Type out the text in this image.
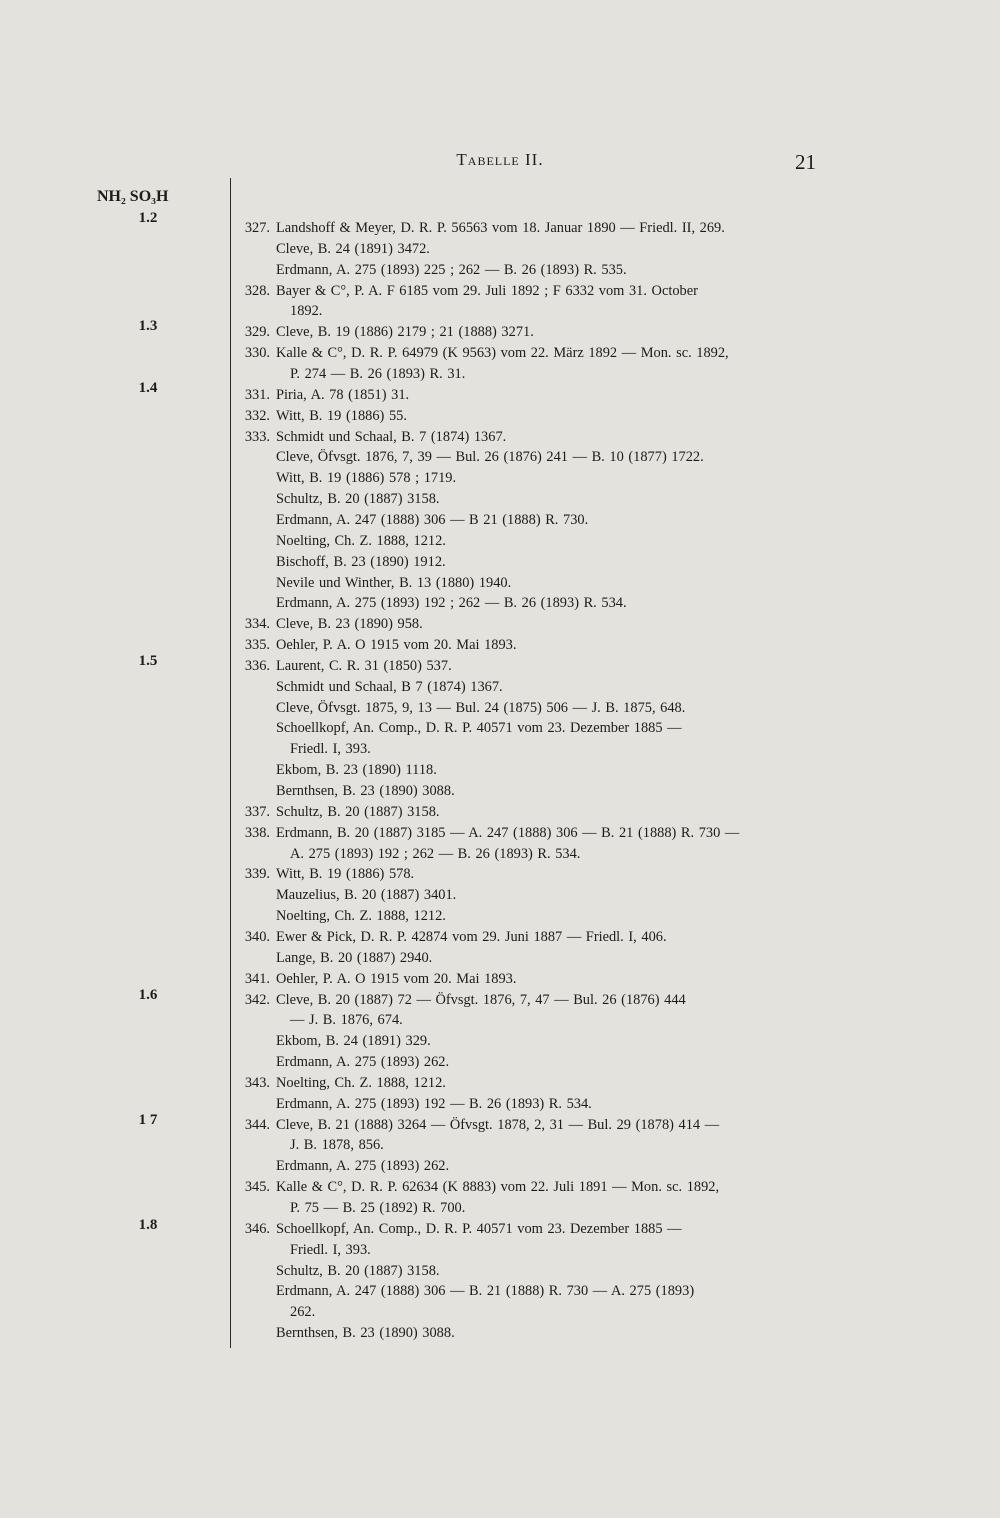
Tabelle II.	21
NH₂ SO₃H
1.2
1.3
1.4
1.5
1.6
1 7
1.8
327. Landshoff & Meyer, D. R. P. 56563 vom 18. Januar 1890 — Friedl. II, 269.
Cleve, B. 24 (1891) 3472.
Erdmann, A. 275 (1893) 225 ; 262 — B. 26 (1893) R. 535.
328. Bayer & C°, P. A. F 6185 vom 29. Juli 1892 ; F 6332 vom 31. October
1892.
329. Cleve, B. 19 (1886) 2179 ; 21 (1888) 3271.
330. Kalle & C°, D. R. P. 64979 (K 9563) vom 22. März 1892 — Mon. sc. 1892,
P. 274 — B. 26 (1893) R. 31.
331. Piria, A. 78 (1851) 31.
332. Witt, B. 19 (1886) 55.
333. Schmidt und Schaal, B. 7 (1874) 1367.
Cleve, Öfvsgt. 1876, 7, 39 — Bul. 26 (1876) 241 — B. 10 (1877) 1722.
Witt, B. 19 (1886) 578 ; 1719.
Schultz, B. 20 (1887) 3158.
Erdmann, A. 247 (1888) 306 — B 21 (1888) R. 730.
Noelting, Ch. Z. 1888, 1212.
Bischoff, B. 23 (1890) 1912.
Nevile und Winther, B. 13 (1880) 1940.
Erdmann, A. 275 (1893) 192 ; 262 — B. 26 (1893) R. 534.
334. Cleve, B. 23 (1890) 958.
335. Oehler, P. A. O 1915 vom 20. Mai 1893.
336. Laurent, C. R. 31 (1850) 537.
Schmidt und Schaal, B 7 (1874) 1367.
Cleve, Öfvsgt. 1875, 9, 13 — Bul. 24 (1875) 506 — J. B. 1875, 648.
Schoellkopf, An. Comp., D. R. P. 40571 vom 23. Dezember 1885 —
Friedl. I, 393.
Ekbom, B. 23 (1890) 1118.
Bernthsen, B. 23 (1890) 3088.
337. Schultz, B. 20 (1887) 3158.
338. Erdmann, B. 20 (1887) 3185 — A. 247 (1888) 306 — B. 21 (1888) R. 730 —
A. 275 (1893) 192 ; 262 — B. 26 (1893) R. 534.
339. Witt, B. 19 (1886) 578.
Mauzelius, B. 20 (1887) 3401.
Noelting, Ch. Z. 1888, 1212.
340. Ewer & Pick, D. R. P. 42874 vom 29. Juni 1887 — Friedl. I, 406.
Lange, B. 20 (1887) 2940.
341. Oehler, P. A. O 1915 vom 20. Mai 1893.
342. Cleve, B. 20 (1887) 72 — Öfvsgt. 1876, 7, 47 — Bul. 26 (1876) 444
— J. B. 1876, 674.
Ekbom, B. 24 (1891) 329.
Erdmann, A. 275 (1893) 262.
343. Noelting, Ch. Z. 1888, 1212.
Erdmann, A. 275 (1893) 192 — B. 26 (1893) R. 534.
344. Cleve, B. 21 (1888) 3264 — Öfvsgt. 1878, 2, 31 — Bul. 29 (1878) 414 —
J. B. 1878, 856.
Erdmann, A. 275 (1893) 262.
345. Kalle & C°, D. R. P. 62634 (K 8883) vom 22. Juli 1891 — Mon. sc. 1892,
P. 75 — B. 25 (1892) R. 700.
346. Schoellkopf, An. Comp., D. R. P. 40571 vom 23. Dezember 1885 —
Friedl. I, 393.
Schultz, B. 20 (1887) 3158.
Erdmann, A. 247 (1888) 306 — B. 21 (1888) R. 730 — A. 275 (1893)
262.
Bernthsen, B. 23 (1890) 3088.
